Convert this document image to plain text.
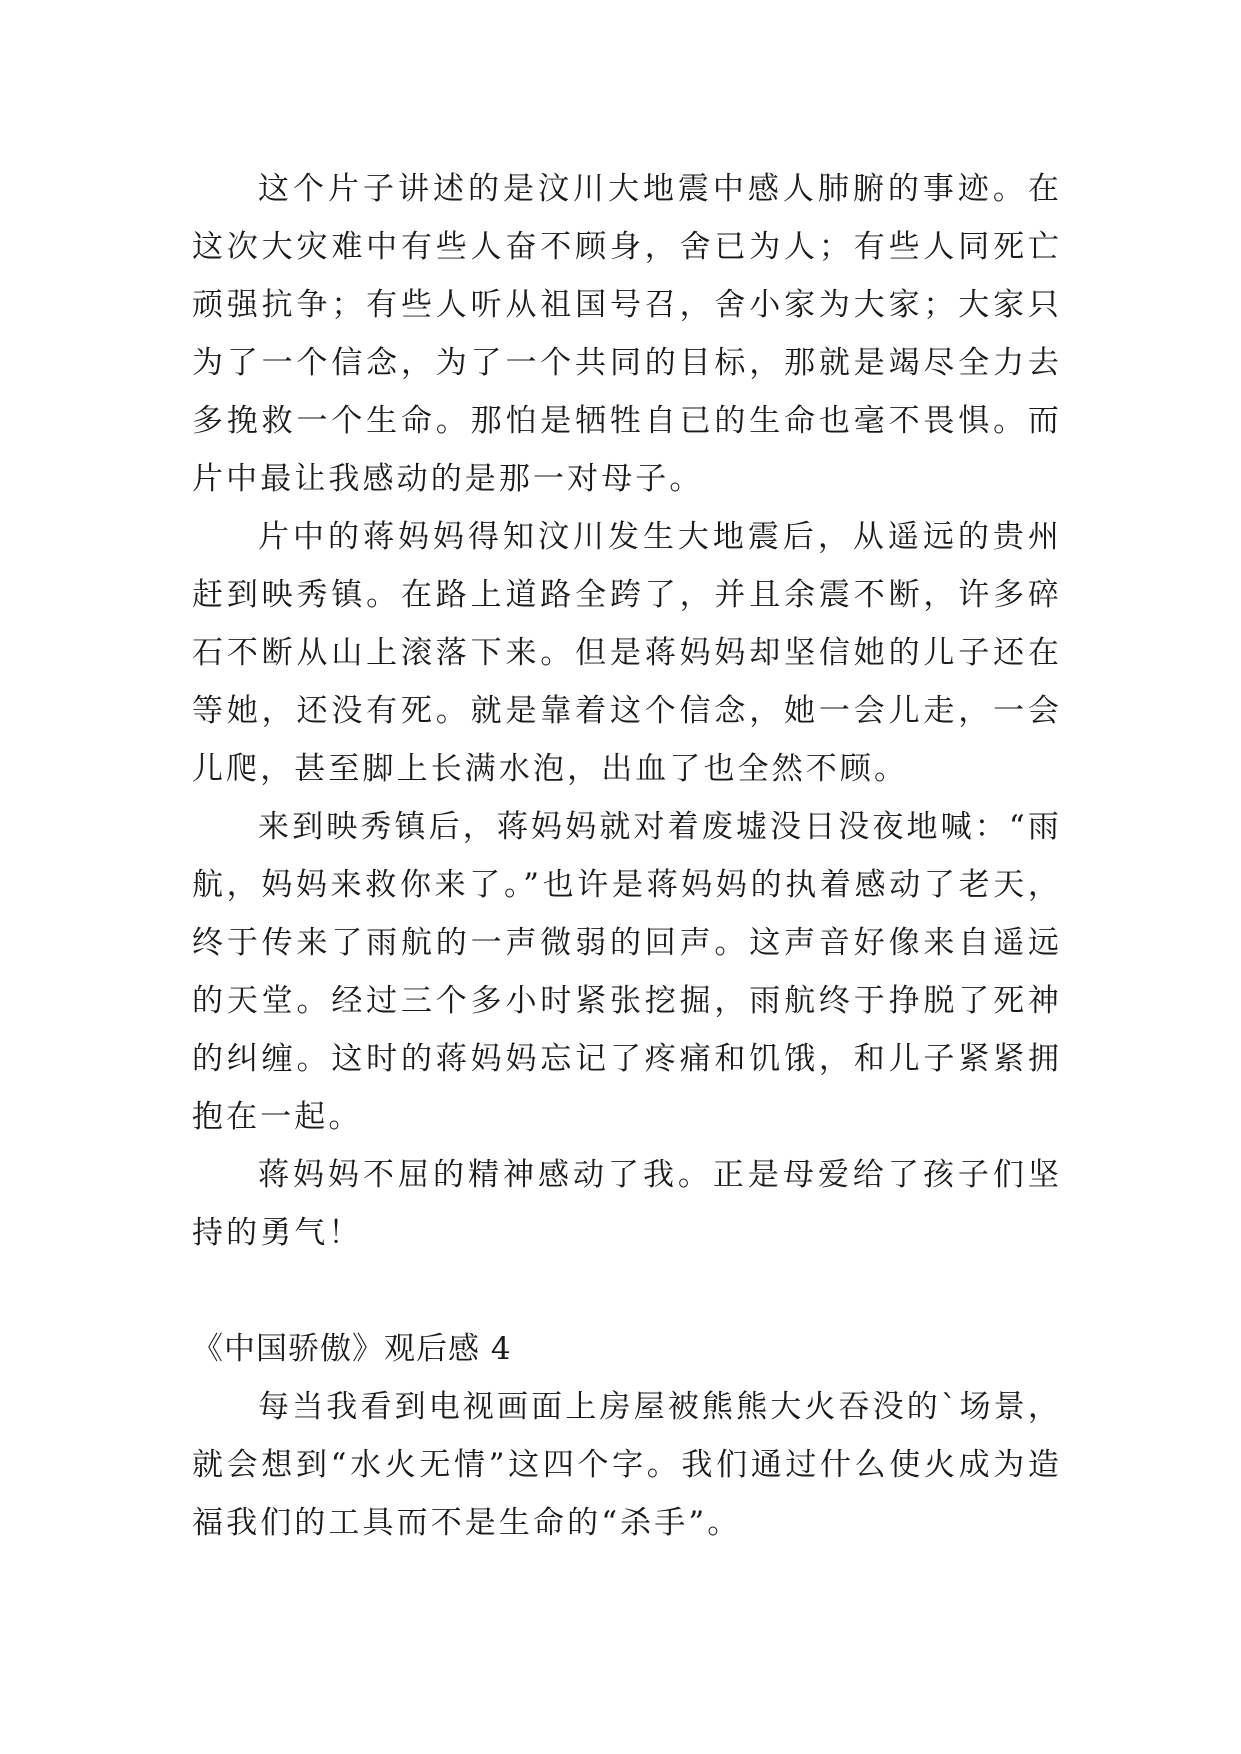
这个片子讲述的是汶川大地震中感人肺腑的事迹。在这次大灾难中有些人奋不顾身，舍已为人；有些人同死亡顽强抗争；有些人听从祖国号召，舍小家为大家；大家只为了一个信念，为了一个共同的目标，那就是竭尽全力去多挽救一个生命。那怕是牺牲自已的生命也毫不畏惧。而片中最让我感动的是那一对母子。

片中的蒋妈妈得知汶川发生大地震后，从遥远的贵州赶到映秀镇。在路上道路全跨了，并且余震不断，许多碎石不断从山上滚落下来。但是蒋妈妈却坚信她的儿子还在等她，还没有死。就是靠着这个信念，她一会儿走，一会儿爬，甚至脚上长满水泡，出血了也全然不顾。

来到映秀镇后，蒋妈妈就对着废墟没日没夜地喊：“雨航，妈妈来救你来了。”也许是蒋妈妈的执着感动了老天，终于传来了雨航的一声微弱的回声。这声音好像来自遥远的天堂。经过三个多小时紧张挖掘，雨航终于挣脱了死神的纠缠。这时的蒋妈妈忘记了疼痛和饥饿，和儿子紧紧拥抱在一起。

蒋妈妈不屈的精神感动了我。正是母爱给了孩子们坚持的勇气！

《中国骄傲》观后感 4

每当我看到电视画面上房屋被熊熊大火吞没的`场景，就会想到“水火无情”这四个字。我们通过什么使火成为造福我们的工具而不是生命的“杀手”。
